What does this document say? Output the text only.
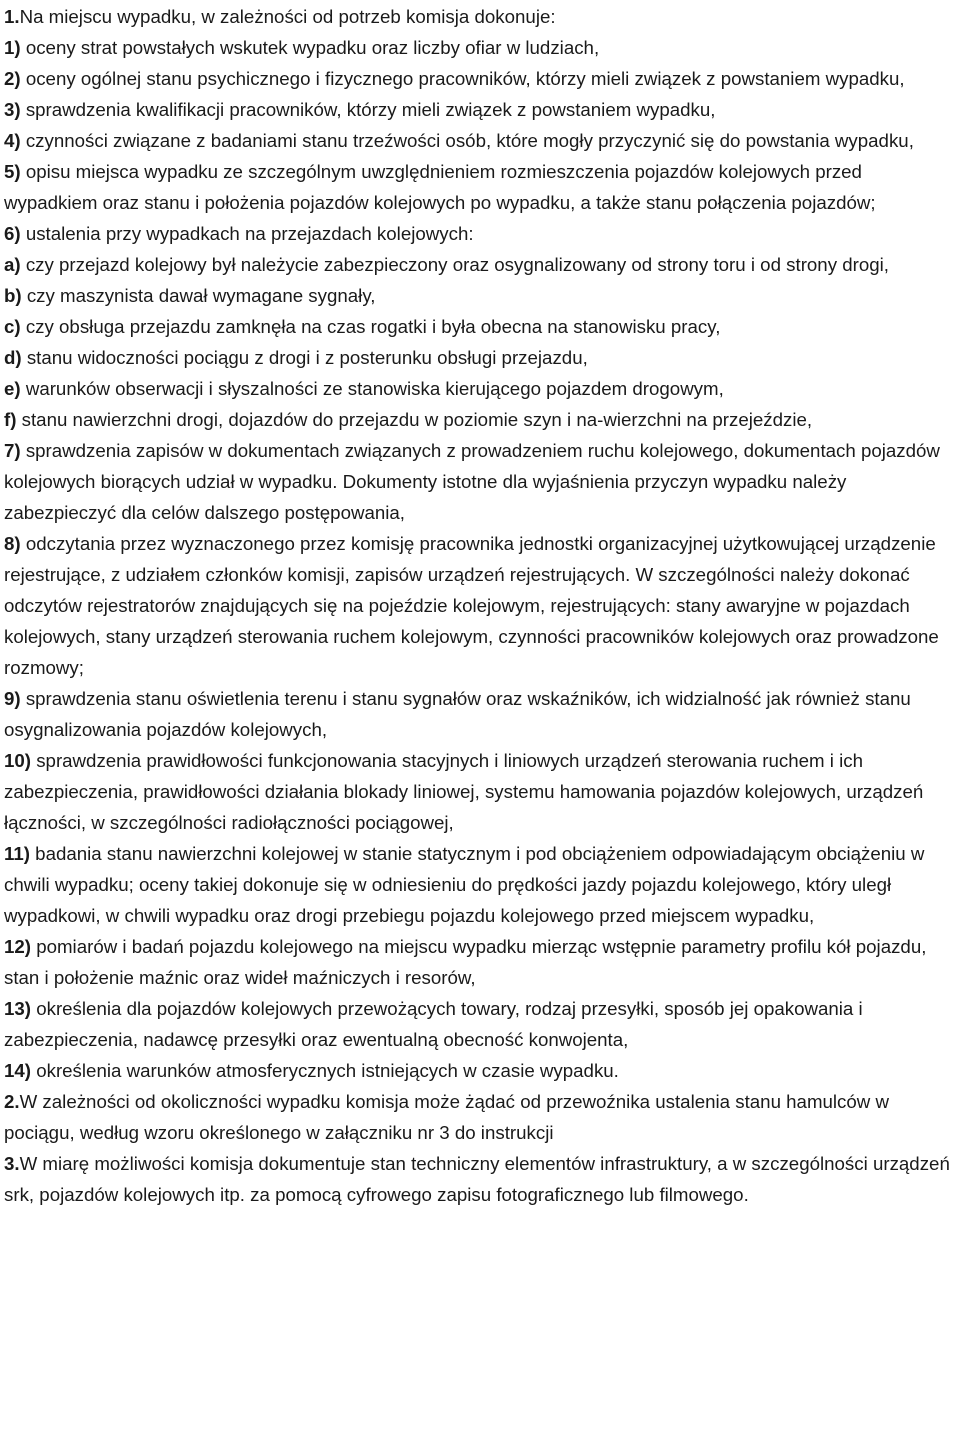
1.Na miejscu wypadku, w zależności od potrzeb komisja dokonuje:

1) oceny strat powstałych wskutek wypadku oraz liczby ofiar w ludziach,

2) oceny ogólnej stanu psychicznego i fizycznego pracowników, którzy mieli związek z powstaniem wypadku,

3) sprawdzenia kwalifikacji pracowników, którzy mieli związek z powstaniem wypadku,

4) czynności związane z badaniami stanu trzeźwości osób, które mogły przyczynić się do powstania wypadku,

5) opisu miejsca wypadku ze szczególnym uwzględnieniem rozmieszczenia pojazdów kolejowych przed wypadkiem oraz stanu i położenia pojazdów kolejowych po wypadku, a także stanu połączenia pojazdów;

6) ustalenia przy wypadkach na przejazdach kolejowych:

a) czy przejazd kolejowy był należycie zabezpieczony oraz osygnalizowany od strony toru i od strony drogi,

b) czy maszynista dawał wymagane sygnały,

c) czy obsługa przejazdu zamknęła na czas rogatki i była obecna na stanowisku pracy,

d) stanu widoczności pociągu z drogi i z posterunku obsługi przejazdu,

e) warunków obserwacji i słyszalności ze stanowiska kierującego pojazdem drogowym,

f) stanu nawierzchni drogi, dojazdów do przejazdu w poziomie szyn i na-wierzchni na przejeździe,

7) sprawdzenia zapisów w dokumentach związanych z prowadzeniem ruchu kolejowego, dokumentach pojazdów kolejowych biorących udział w wypadku. Dokumenty istotne dla wyjaśnienia przyczyn wypadku należy zabezpieczyć dla celów dalszego postępowania,

8) odczytania przez wyznaczonego przez komisję pracownika jednostki organizacyjnej użytkowującej urządzenie rejestrujące, z udziałem członków komisji, zapisów urządzeń rejestrujących. W szczególności należy dokonać odczytów rejestratorów znajdujących się na pojeździe kolejowym, rejestrujących: stany awaryjne w pojazdach kolejowych, stany urządzeń sterowania ruchem kolejowym, czynności pracowników kolejowych oraz prowadzone rozmowy;

9) sprawdzenia stanu oświetlenia terenu i stanu sygnałów oraz wskaźników, ich widzialność jak również stanu osygnalizowania pojazdów kolejowych,

10) sprawdzenia prawidłowości funkcjonowania stacyjnych i liniowych urządzeń sterowania ruchem i ich zabezpieczenia, prawidłowości działania blokady liniowej, systemu hamowania pojazdów kolejowych, urządzeń łączności, w szczególności radiołączności pociągowej,

11) badania stanu nawierzchni kolejowej w stanie statycznym i pod obciążeniem odpowiadającym obciążeniu w chwili wypadku; oceny takiej dokonuje się w odniesieniu do prędkości jazdy pojazdu kolejowego, który uległ wypadkowi, w chwili wypadku oraz drogi przebiegu pojazdu kolejowego przed miejscem wypadku,

12) pomiarów i badań pojazdu kolejowego na miejscu wypadku mierząc wstępnie parametry profilu kół pojazdu, stan i położenie maźnic oraz wideł maźniczych i resorów,

13) określenia dla pojazdów kolejowych przewożących towary, rodzaj przesyłki, sposób jej opakowania i zabezpieczenia, nadawcę przesyłki oraz ewentualną obecność konwojenta,

14) określenia warunków atmosferycznych istniejących w czasie wypadku.

2.W zależności od okoliczności wypadku komisja może żądać od przewoźnika ustalenia stanu hamulców w pociągu, według wzoru określonego w załączniku nr 3 do instrukcji

3.W miarę możliwości komisja dokumentuje stan techniczny elementów infrastruktury, a w szczególności urządzeń srk, pojazdów kolejowych itp. za pomocą cyfrowego zapisu fotograficznego lub filmowego.
